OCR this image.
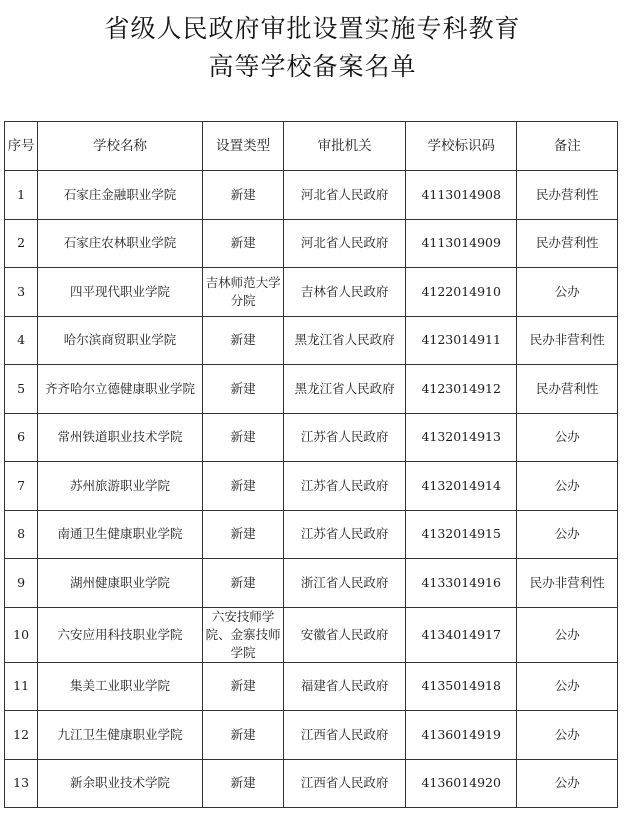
省级人民政府审批设置实施专科教育
高等学校备案名单
序号	学校名称	设置类型	审批机关	学校标识码	备注
1	石家庄金融职业学院	新建	河北省人民政府	4113014908	民办营利性
2	石家庄农林职业学院	新建	河北省人民政府	4113014909	民办营利性
3	四平现代职业学院	吉林师范大学分院	吉林省人民政府	4122014910	公办
4	哈尔滨商贸职业学院	新建	黑龙江省人民政府	4123014911	民办非营利性
5	齐齐哈尔立德健康职业学院	新建	黑龙江省人民政府	4123014912	民办营利性
6	常州铁道职业技术学院	新建	江苏省人民政府	4132014913	公办
7	苏州旅游职业学院	新建	江苏省人民政府	4132014914	公办
8	南通卫生健康职业学院	新建	江苏省人民政府	4132014915	公办
9	湖州健康职业学院	新建	浙江省人民政府	4133014916	民办非营利性
10	六安应用科技职业学院	六安技师学院、金寨技师学院	安徽省人民政府	4134014917	公办
11	集美工业职业学院	新建	福建省人民政府	4135014918	公办
12	九江卫生健康职业学院	新建	江西省人民政府	4136014919	公办
13	新余职业技术学院	新建	江西省人民政府	4136014920	公办
